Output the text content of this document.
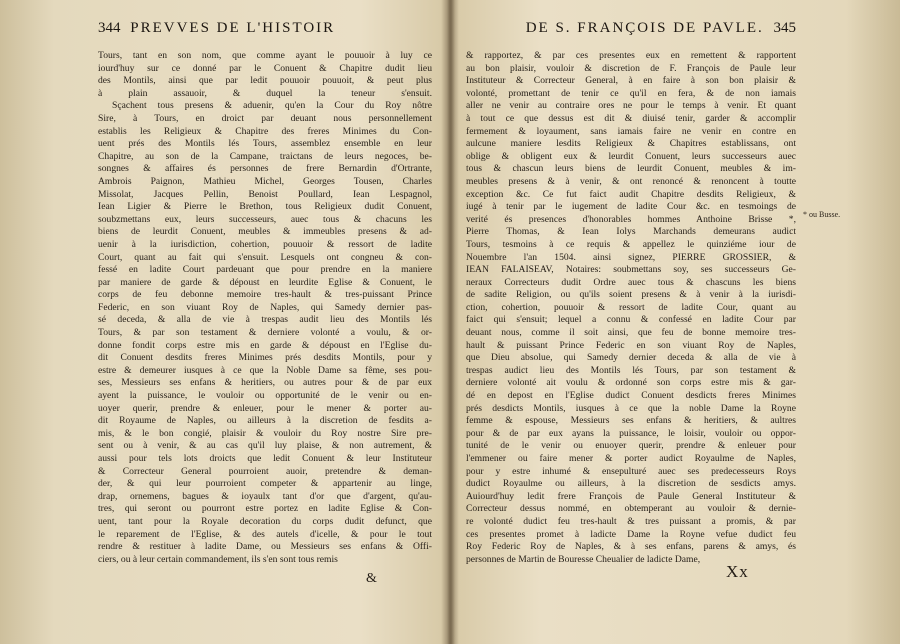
344 PREVVES DE L'HISTOIR
Tours, tant en son nom, que comme ayant le pouuoir à luy ce
iourd'huy sur ce donné par le Conuent & Chapitre dudit lieu
des Montils, ainsi que par ledit pouuoir pouuoit, & peut plus
à plain assauoir, & duquel la teneur s'ensuit.
Sçachent tous presens & aduenir, qu'en la Cour du Roy nôtre
Sire, à Tours, en droict par deuant nous personnellement
establis les Religieux & Chapitre des freres Minimes du Con-
uent prés des Montils lés Tours, assemblez ensemble en leur
Chapitre, au son de la Campane, traictans de leurs negoces, be-
songnes & affaires és personnes de frere Bernardin d'Ortrante,
Ambrois Paignon, Mathieu Michel, Georges Tousen, Charles
Missolat, Jacques Pellin, Benoist Poullard, Iean Lespagnol,
Iean Ligier & Pierre le Brethon, tous Religieux dudit Conuent,
soubzmettans eux, leurs successeurs, auec tous & chacuns les
biens de leurdit Conuent, meubles & immeubles presens & ad-
uenir à la iurisdiction, cohertion, pouuoir & ressort de ladite
Court, quant au fait qui s'ensuit. Lesquels ont congneu & con-
fessé en ladite Court pardeuant que pour prendre en la maniere
par maniere de garde & dépoust en leurdite Eglise & Conuent, le
corps de feu debonne memoire tres-hault & tres-puissant Prince
Federic, en son viuant Roy de Naples, qui Samedy dernier pas-
sé deceda, & alla de vie à trespas audit lieu des Montils lés
Tours, & par son testament & derniere volonté a voulu, & or-
donne fondit corps estre mis en garde & dépoust en l'Eglise du-
dit Conuent desdits freres Minimes prés desdits Montils, pour y
estre & demeurer iusques à ce que la Noble Dame sa fême, ses pou-
ses, Messieurs ses enfans & heritiers, ou autres pour & de par eux
ayent la puissance, le vouloir ou opportunité de le venir ou en-
uoyer querir, prendre & enleuer, pour le mener & porter au-
dit Royaume de Naples, ou ailleurs à la discretion de fesdits a-
mis, & le bon congié, plaisir & vouloir du Roy nostre Sire pre-
sent ou à venir, & au cas qu'il luy plaise, & non autrement, &
aussi pour tels lots droicts que ledit Conuent & leur Instituteur
& Correcteur General pourroient auoir, pretendre & deman-
der, & qui leur pourroient competer & appartenir au linge,
drap, ornemens, bagues & ioyaulx tant d'or que d'argent, qu'au-
tres, qui seront ou pourront estre portez en ladite Eglise & Con-
uent, tant pour la Royale decoration du corps dudit defunct, que
le reparement de l'Eglise, & des autels d'icelle, & pour le tout
rendre & restituer à ladite Dame, ou Messieurs ses enfans & Offi-
ciers, ou à leur certain commandement, ils s'en sont tous remis
&
DE S. FRANÇOIS DE PAVLE. 345
& rapportez, & par ces presentes eux en remettent & rapportent
au bon plaisir, vouloir & discretion de F. François de Paule leur
Instituteur & Correcteur General, à en faire à son bon plaisir &
volonté, promettant de tenir ce qu'il en fera, & de non iamais
aller ne venir au contraire ores ne pour le temps à venir. Et quant
à tout ce que dessus est dit & diuisé tenir, garder & accomplir
fermement & loyaument, sans iamais faire ne venir en contre en
aulcune maniere lesdits Religieux & Chapitres establissans, ont
oblige & obligent eux & leurdit Conuent, leurs successeurs auec
tous & chascun leurs biens de leurdit Conuent, meubles & im-
meubles presens & à venir, & ont renoncé & renoncent à toutte
exception &c. Ce fut faict audit Chapitre desdits Religieux, &
iugé à tenir par le iugement de ladite Cour &c. en tesmoings de
verité és presences d'honorables hommes Anthoine Brisse *,
Pierre Thomas, & Iean Iolys Marchands demeurans audict
Tours, tesmoins à ce requis & appellez le quinziéme iour de
Nouembre l'an 1504. ainsi signez, PIERRE GROSSIER, &
IEAN FALAISEAV, Notaires: soubmettans soy, ses successeurs Ge-
neraux Correcteurs dudit Ordre auec tous & chascuns les biens
de sadite Religion, ou qu'ils soient presens & à venir à la iurisdi-
ction, cohertion, pouuoir & ressort de ladite Cour, quant au
faict qui s'ensuit; lequel a connu & confessé en ladite Cour par
deuant nous, comme il soit ainsi, que feu de bonne memoire tres-
hault & puissant Prince Federic en son viuant Roy de Naples,
que Dieu absolue, qui Samedy dernier deceda & alla de vie à
trespas audict lieu des Montils lés Tours, par son testament &
derniere volonté ait voulu & ordonné son corps estre mis & gar-
dé en depost en l'Eglise dudict Conuent desdicts freres Minimes
prés desdicts Montils, iusques à ce que la noble Dame la Royne
femme & espouse, Messieurs ses enfans & heritiers, & aultres
pour & de par eux ayans la puissance, le loisir, vouloir ou oppor-
tunité de le venir ou enuoyer querir, prendre & enleuer pour
l'emmener ou faire mener & porter audict Royaulme de Naples,
pour y estre inhumé & ensepulturé auec ses predecesseurs Roys
dudict Royaulme ou ailleurs, à la discretion de sesdicts amys.
Auiourd'huy ledit frere François de Paule General Instituteur &
Correcteur dessus nommé, en obtemperant au vouloir & dernie-
re volonté dudict feu tres-hault & tres puissant a promis, & par
ces presentes promet à ladicte Dame la Royne vefue dudict feu
Roy Federic Roy de Naples, & à ses enfans, parens & amys, és
personnes de Martin de Bouresse Cheualier de ladicte Dame,
* ou Busse.
Xx
